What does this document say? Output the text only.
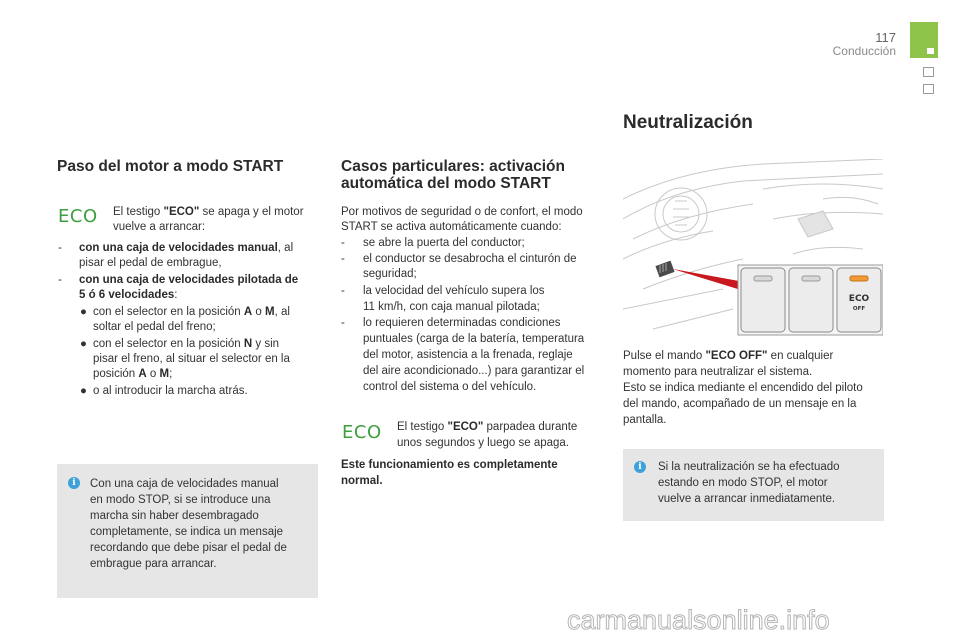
117
Conducción
Paso del motor a modo START
ECO El testigo "ECO" se apaga y el motor
vuelve a arrancar:
- con una caja de velocidades manual, al
pisar el pedal de embrague,
- con una caja de velocidades pilotada de
5 ó 6 velocidades:
● con el selector en la posición A o M, al
soltar el pedal del freno;
● con el selector en la posición N y sin
pisar el freno, al situar el selector en la
posición A o M;
● o al introducir la marcha atrás.
i	Con una caja de velocidades manual
en modo STOP, si se introduce una
marcha sin haber desembragado
completamente, se indica un mensaje
recordando que debe pisar el pedal de
embrague para arrancar.
Casos particulares: activación
automática del modo START
Por motivos de seguridad o de confort, el modo
START se activa automáticamente cuando:
- se abre la puerta del conductor;
- el conductor se desabrocha el cinturón de
seguridad;
- la velocidad del vehículo supera los
11 km/h, con caja manual pilotada;
- lo requieren determinadas condiciones
puntuales (carga de la batería, temperatura
del motor, asistencia a la frenada, reglaje
del aire acondicionado...) para garantizar el
control del sistema o del vehículo.
ECO El testigo "ECO" parpadea durante
unos segundos y luego se apaga.
Este funcionamiento es completamente
normal.
Neutralización
ECO
OFF
Pulse el mando "ECO OFF" en cualquier
momento para neutralizar el sistema.
Esto se indica mediante el encendido del piloto
del mando, acompañado de un mensaje en la
pantalla.
i	Si la neutralización se ha efectuado
estando en modo STOP, el motor
vuelve a arrancar inmediatamente.
carmanualsonline.info
